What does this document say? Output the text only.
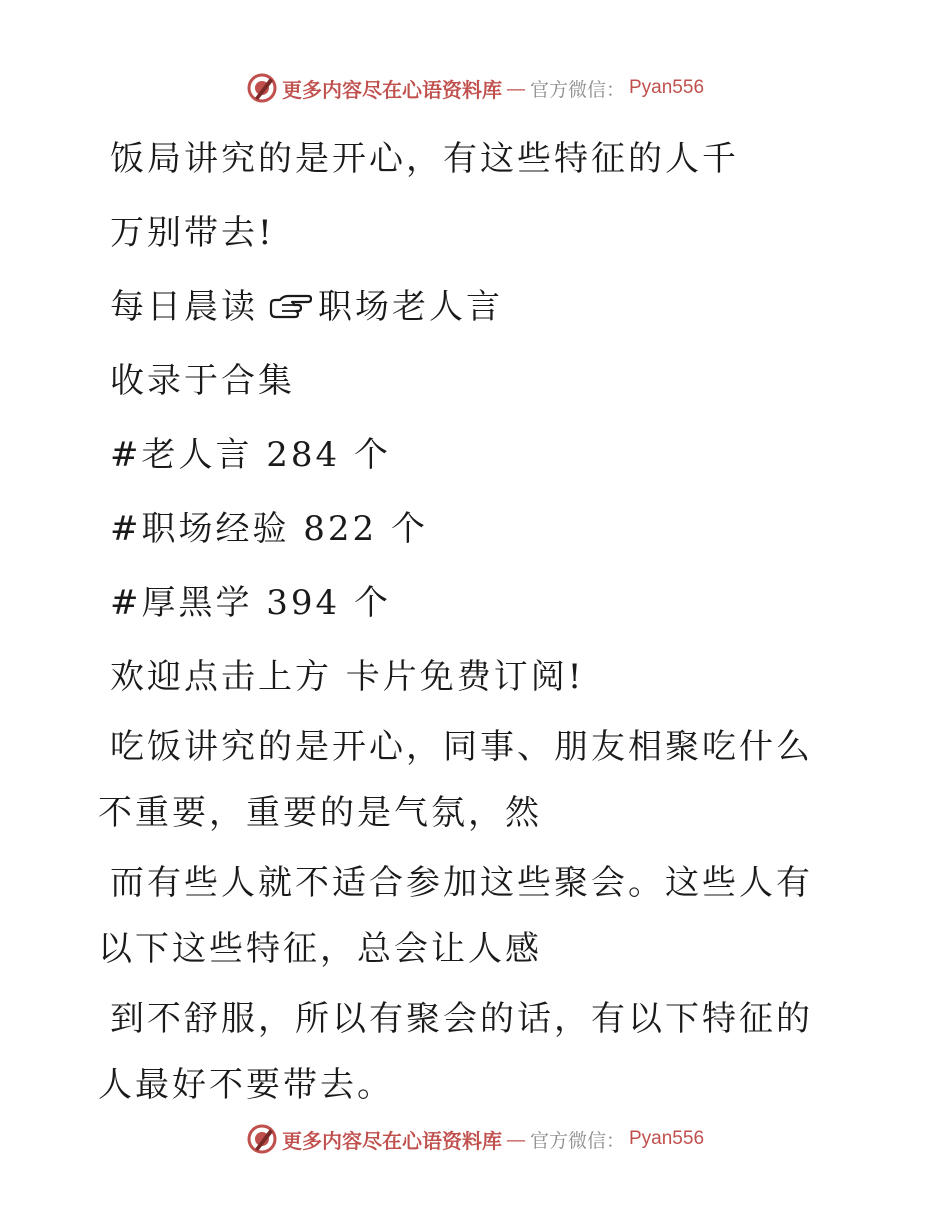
更多内容尽在心语资料库 — 官方微信： Pyan556
饭局讲究的是开心，有这些特征的人千
万别带去!
每日晨读 职场老人言
收录于合集
#老人言 284 个
#职场经验 822 个
#厚黑学 394 个
欢迎点击上方 卡片免费订阅!

吃饭讲究的是开心，同事、朋友相聚吃什么不重要，重要的是气氛，然

而有些人就不适合参加这些聚会。这些人有以下这些特征，总会让人感

到不舒服，所以有聚会的话，有以下特征的人最好不要带去。

更多内容尽在心语资料库 — 官方微信： Pyan556
